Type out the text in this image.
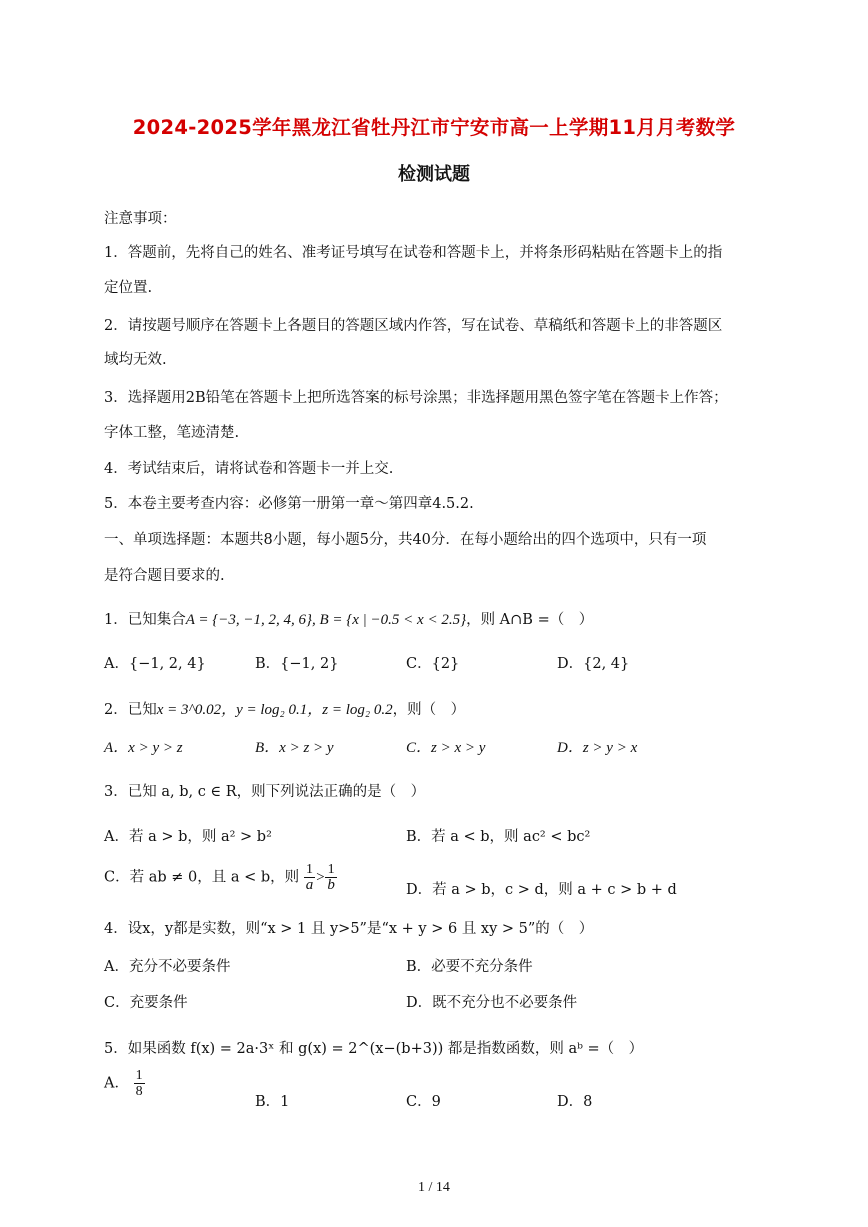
2024-2025学年黑龙江省牡丹江市宁安市高一上学期11月月考数学
检测试题
注意事项：
1．答题前，先将自己的姓名、准考证号填写在试卷和答题卡上，并将条形码粘贴在答题卡上的指
定位置.
2．请按题号顺序在答题卡上各题目的答题区域内作答，写在试卷、草稿纸和答题卡上的非答题区
域均无效.
3．选择题用2B铅笔在答题卡上把所选答案的标号涂黑；非选择题用黑色签字笔在答题卡上作答；
字体工整，笔迹清楚.
4．考试结束后，请将试卷和答题卡一并上交.
5．本卷主要考查内容：必修第一册第一章～第四章4.5.2.
一、单项选择题：本题共8小题，每小题5分，共40分．在每小题给出的四个选项中，只有一项
是符合题目要求的.
1．已知集合A = {−3, −1, 2, 4, 6}, B = {x | −0.5 < x < 2.5}，则 A∩B =（　）
A．{−1, 2, 4}	B．{−1, 2}	C．{2}	D．{2, 4}
2．已知x = 3^0.02，y = log₂ 0.1，z = log₂ 0.2，则（　）
A．x > y > z	B．x > z > y	C．z > x > y	D．z > y > x
3．已知 a, b, c ∈ R，则下列说法正确的是（　）
A．若 a > b，则 a² > b²	B．若 a < b，则 ac² < bc²
C．若 ab ≠ 0，且 a < b，则 $\frac{1}{a} > \frac{1}{b}$	D．若 a > b，c > d，则 a + c > b + d
4．设x，y都是实数，则“x > 1 且 y>5”是“x + y > 6 且 xy > 5”的（　）
A．充分不必要条件	B．必要不充分条件
C．充要条件	D．既不充分也不必要条件
5．如果函数 f(x) = 2a·3ˣ 和 g(x) = 2^(x−(b+3)) 都是指数函数，则 aᵇ =（　）
A． $\frac{1}{8}$
B．1	C．9	D．8
1 / 14
